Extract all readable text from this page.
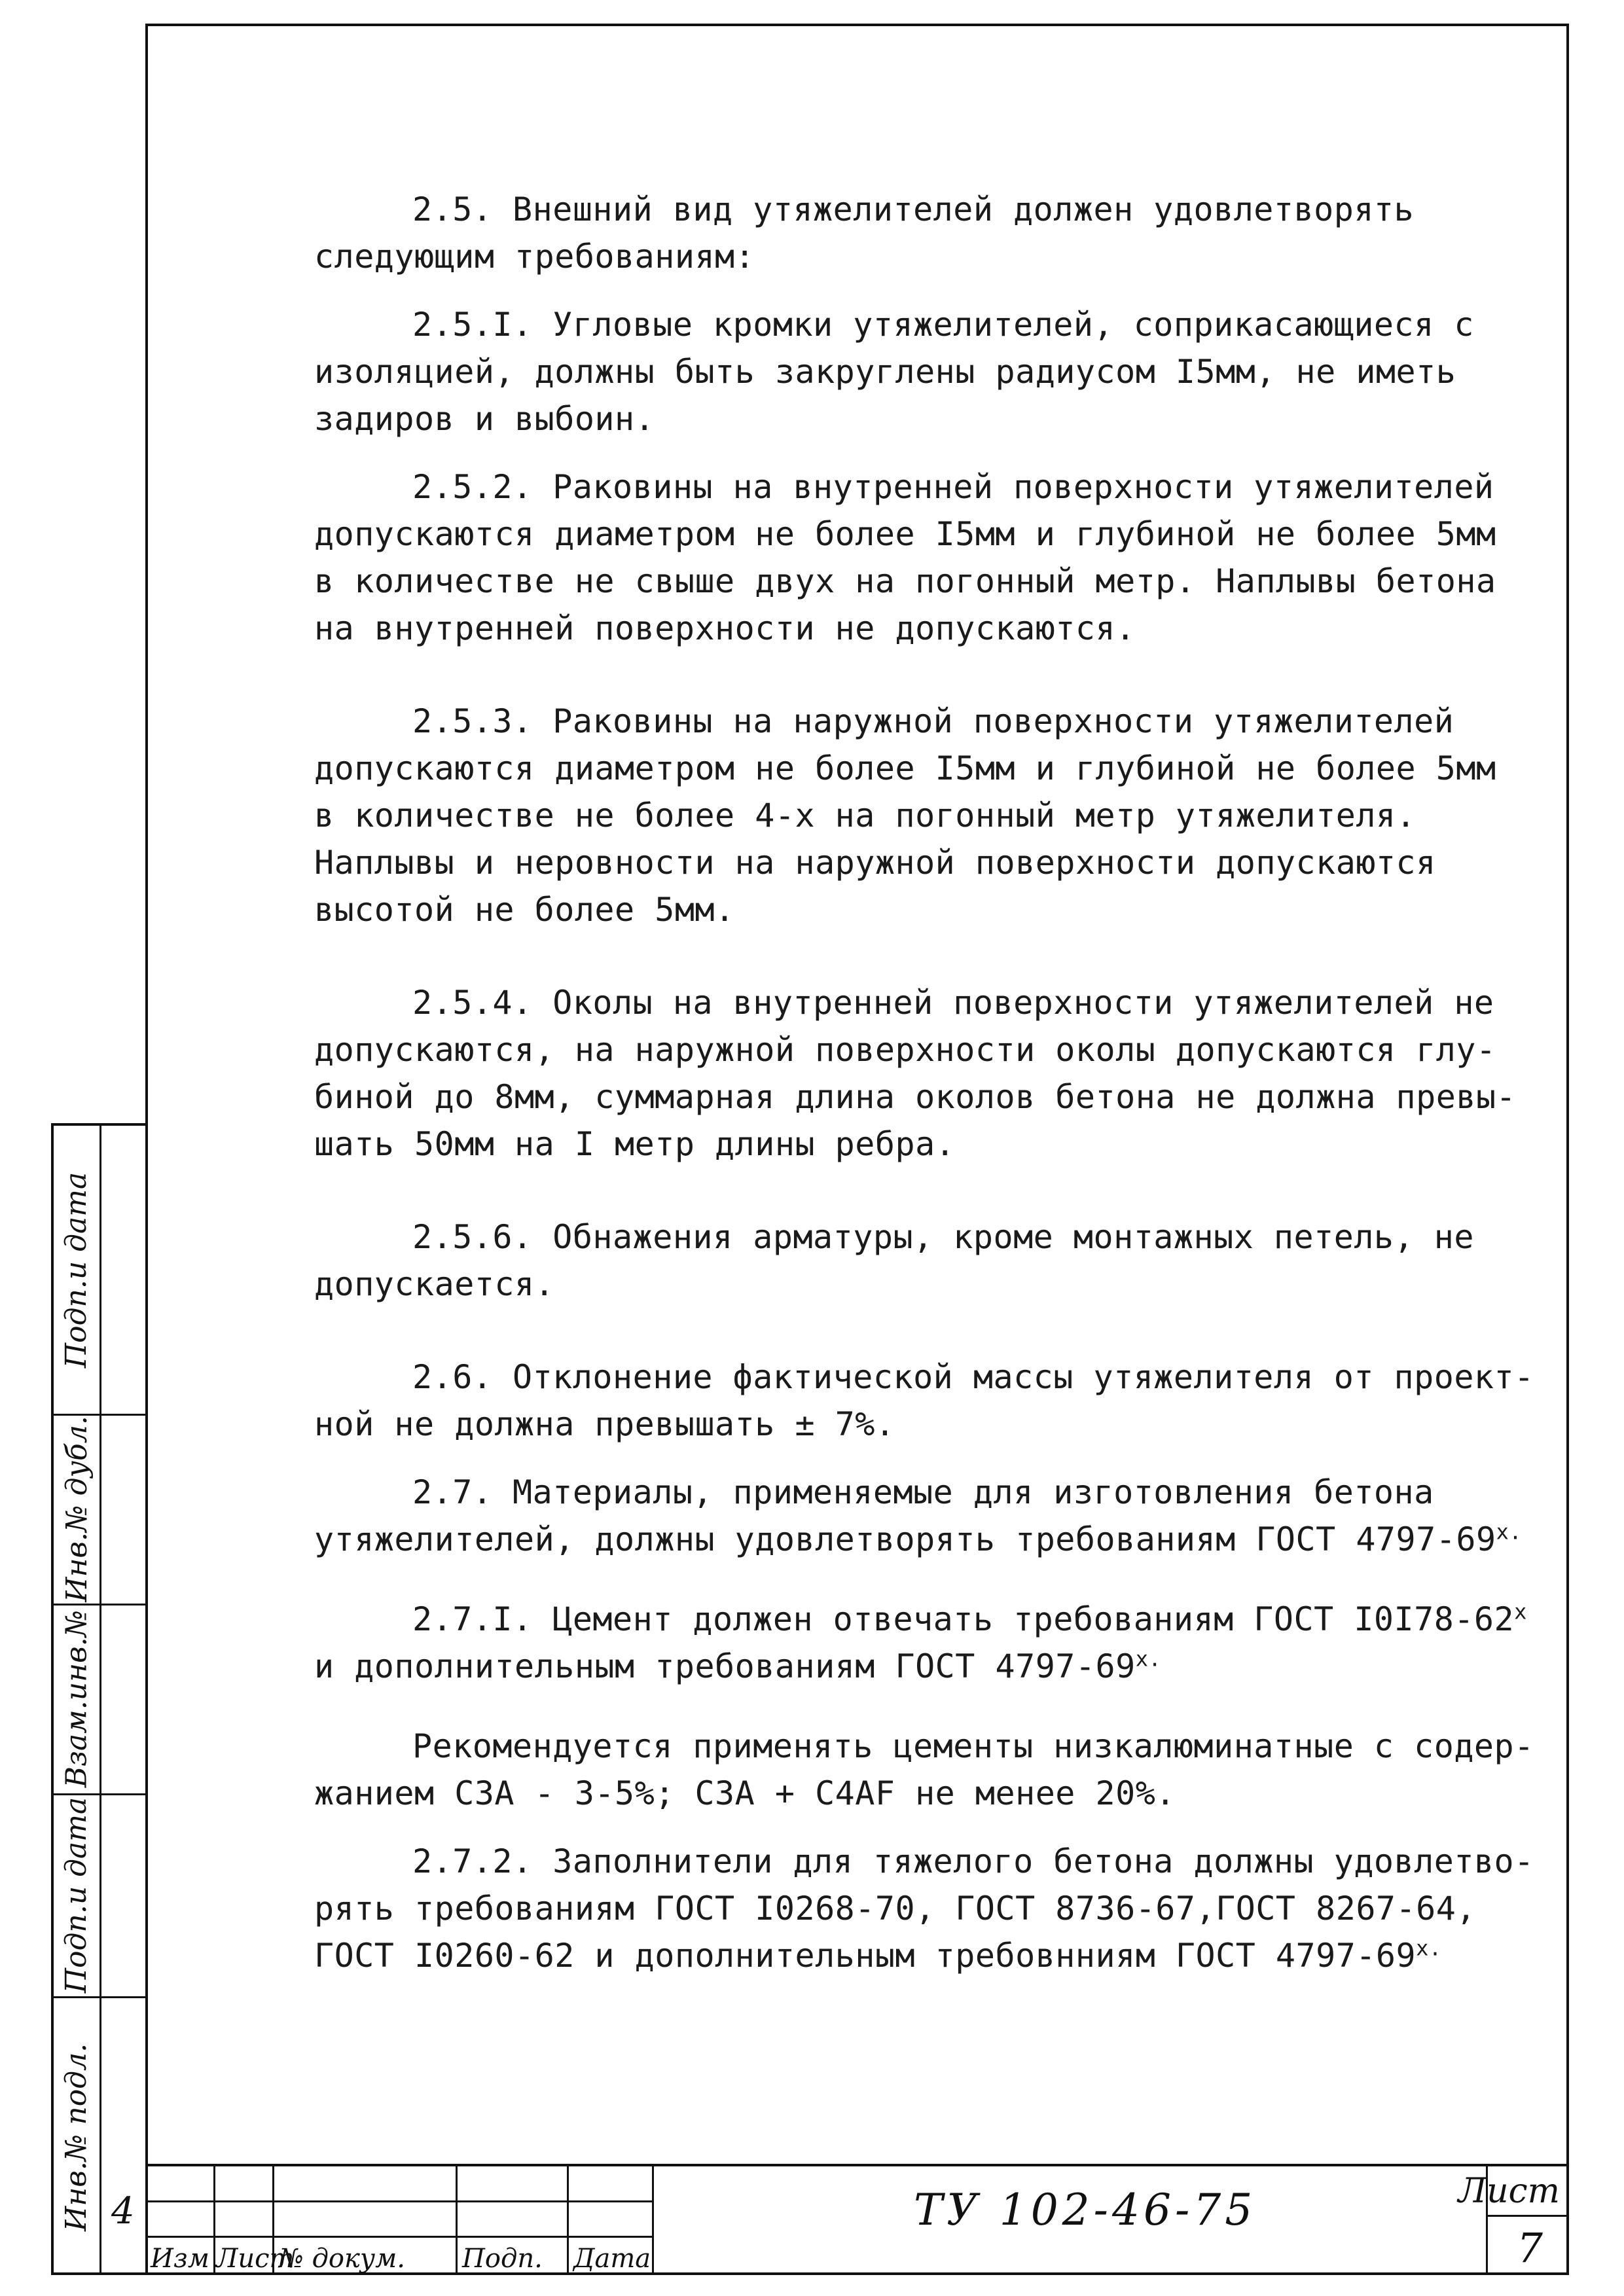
Подп.и дата
Инв.№ дубл.
Взам.инв.№
Подп.и дата
Инв.№ подл.

2.5. Внешний вид утяжелителей должен удовлетворять
следующим требованиям:

2.5.I. Угловые кромки утяжелителей, соприкасающиеся с
изоляцией, должны быть закруглены радиусом I5мм, не иметь
задиров и выбоин.

2.5.2. Раковины на внутренней поверхности утяжелителей
допускаются диаметром не более I5мм и глубиной не более 5мм
в количестве не свыше двух на погонный метр. Наплывы бетона
на внутренней поверхности не допускаются.

2.5.3. Раковины на наружной поверхности утяжелителей
допускаются диаметром не более I5мм и глубиной не более 5мм
в количестве не более 4-х на погонный метр утяжелителя.
Наплывы и неровности на наружной поверхности допускаются
высотой не более 5мм.

2.5.4. Околы на внутренней поверхности утяжелителей не
допускаются, на наружной поверхности околы допускаются глу-
биной до 8мм, суммарная длина околов бетона не должна превы-
шать 50мм на I метр длины ребра.

2.5.6. Обнажения арматуры, кроме монтажных петель, не
допускается.

2.6. Отклонение фактической массы утяжелителя от проект-
ной не должна превышать ± 7%.

2.7. Материалы, применяемые для изготовления бетона
утяжелителей, должны удовлетворять требованиям ГОСТ $4797-69^{х.}$

2.7.I. Цемент должен отвечать требованиям ГОСТ $I0I78-62^х$
и дополнительным требованиям ГОСТ $4797-69^{х.}$

Рекомендуется применять цементы низкалюминатные с содер-
жанием С3А - 3-5%; С3А + С4АF не менее 20%.

2.7.2. Заполнители для тяжелого бетона должны удовлетво-
рять требованиям ГОСТ I0268-70, ГОСТ 8736-67,ГОСТ 8267-64,
ГОСТ I0260-62 и дополнительным требовнниям ГОСТ $4797-69^{х.}$

Изм Лист
№ докум. Подп. Дата
4	ТУ 102-46-75	Лист
7
